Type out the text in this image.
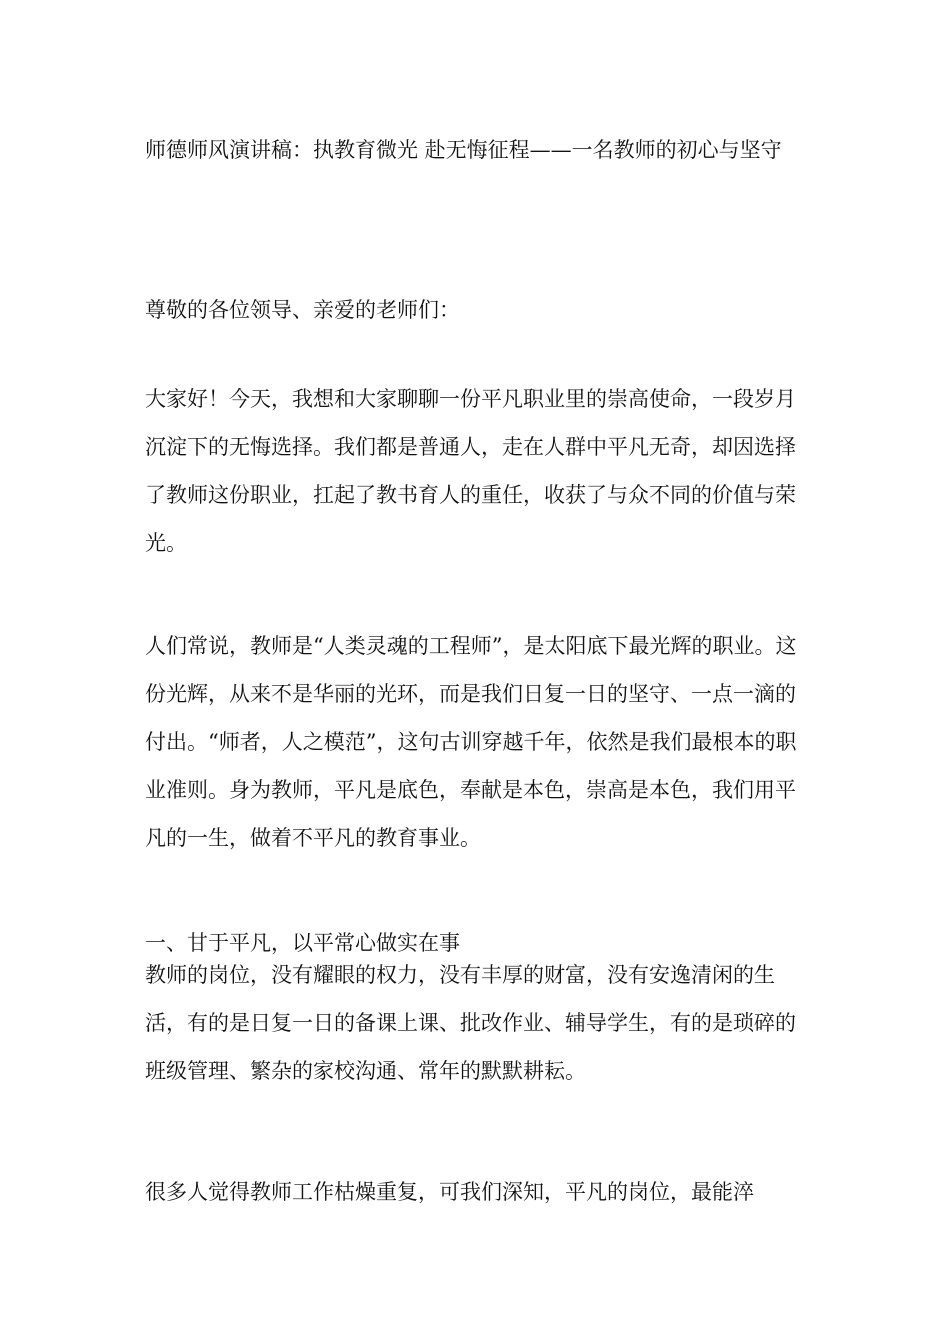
师德师风演讲稿：执教育微光 赴无悔征程——一名教师的初心与坚守

尊敬的各位领导、亲爱的老师们：

大家好！今天，我想和大家聊聊一份平凡职业里的崇高使命，一段岁月沉淀下的无悔选择。我们都是普通人，走在人群中平凡无奇，却因选择了教师这份职业，扛起了教书育人的重任，收获了与众不同的价值与荣光。

人们常说，教师是“人类灵魂的工程师”，是太阳底下最光辉的职业。这份光辉，从来不是华丽的光环，而是我们日复一日的坚守、一点一滴的付出。“师者，人之模范”，这句古训穿越千年，依然是我们最根本的职业准则。身为教师，平凡是底色，奉献是本色，崇高是本色，我们用平凡的一生，做着不平凡的教育事业。

一、甘于平凡，以平常心做实在事

教师的岗位，没有耀眼的权力，没有丰厚的财富，没有安逸清闲的生活，有的是日复一日的备课上课、批改作业、辅导学生，有的是琐碎的班级管理、繁杂的家校沟通、常年的默默耕耘。

很多人觉得教师工作枯燥重复，可我们深知，平凡的岗位，最能淬
